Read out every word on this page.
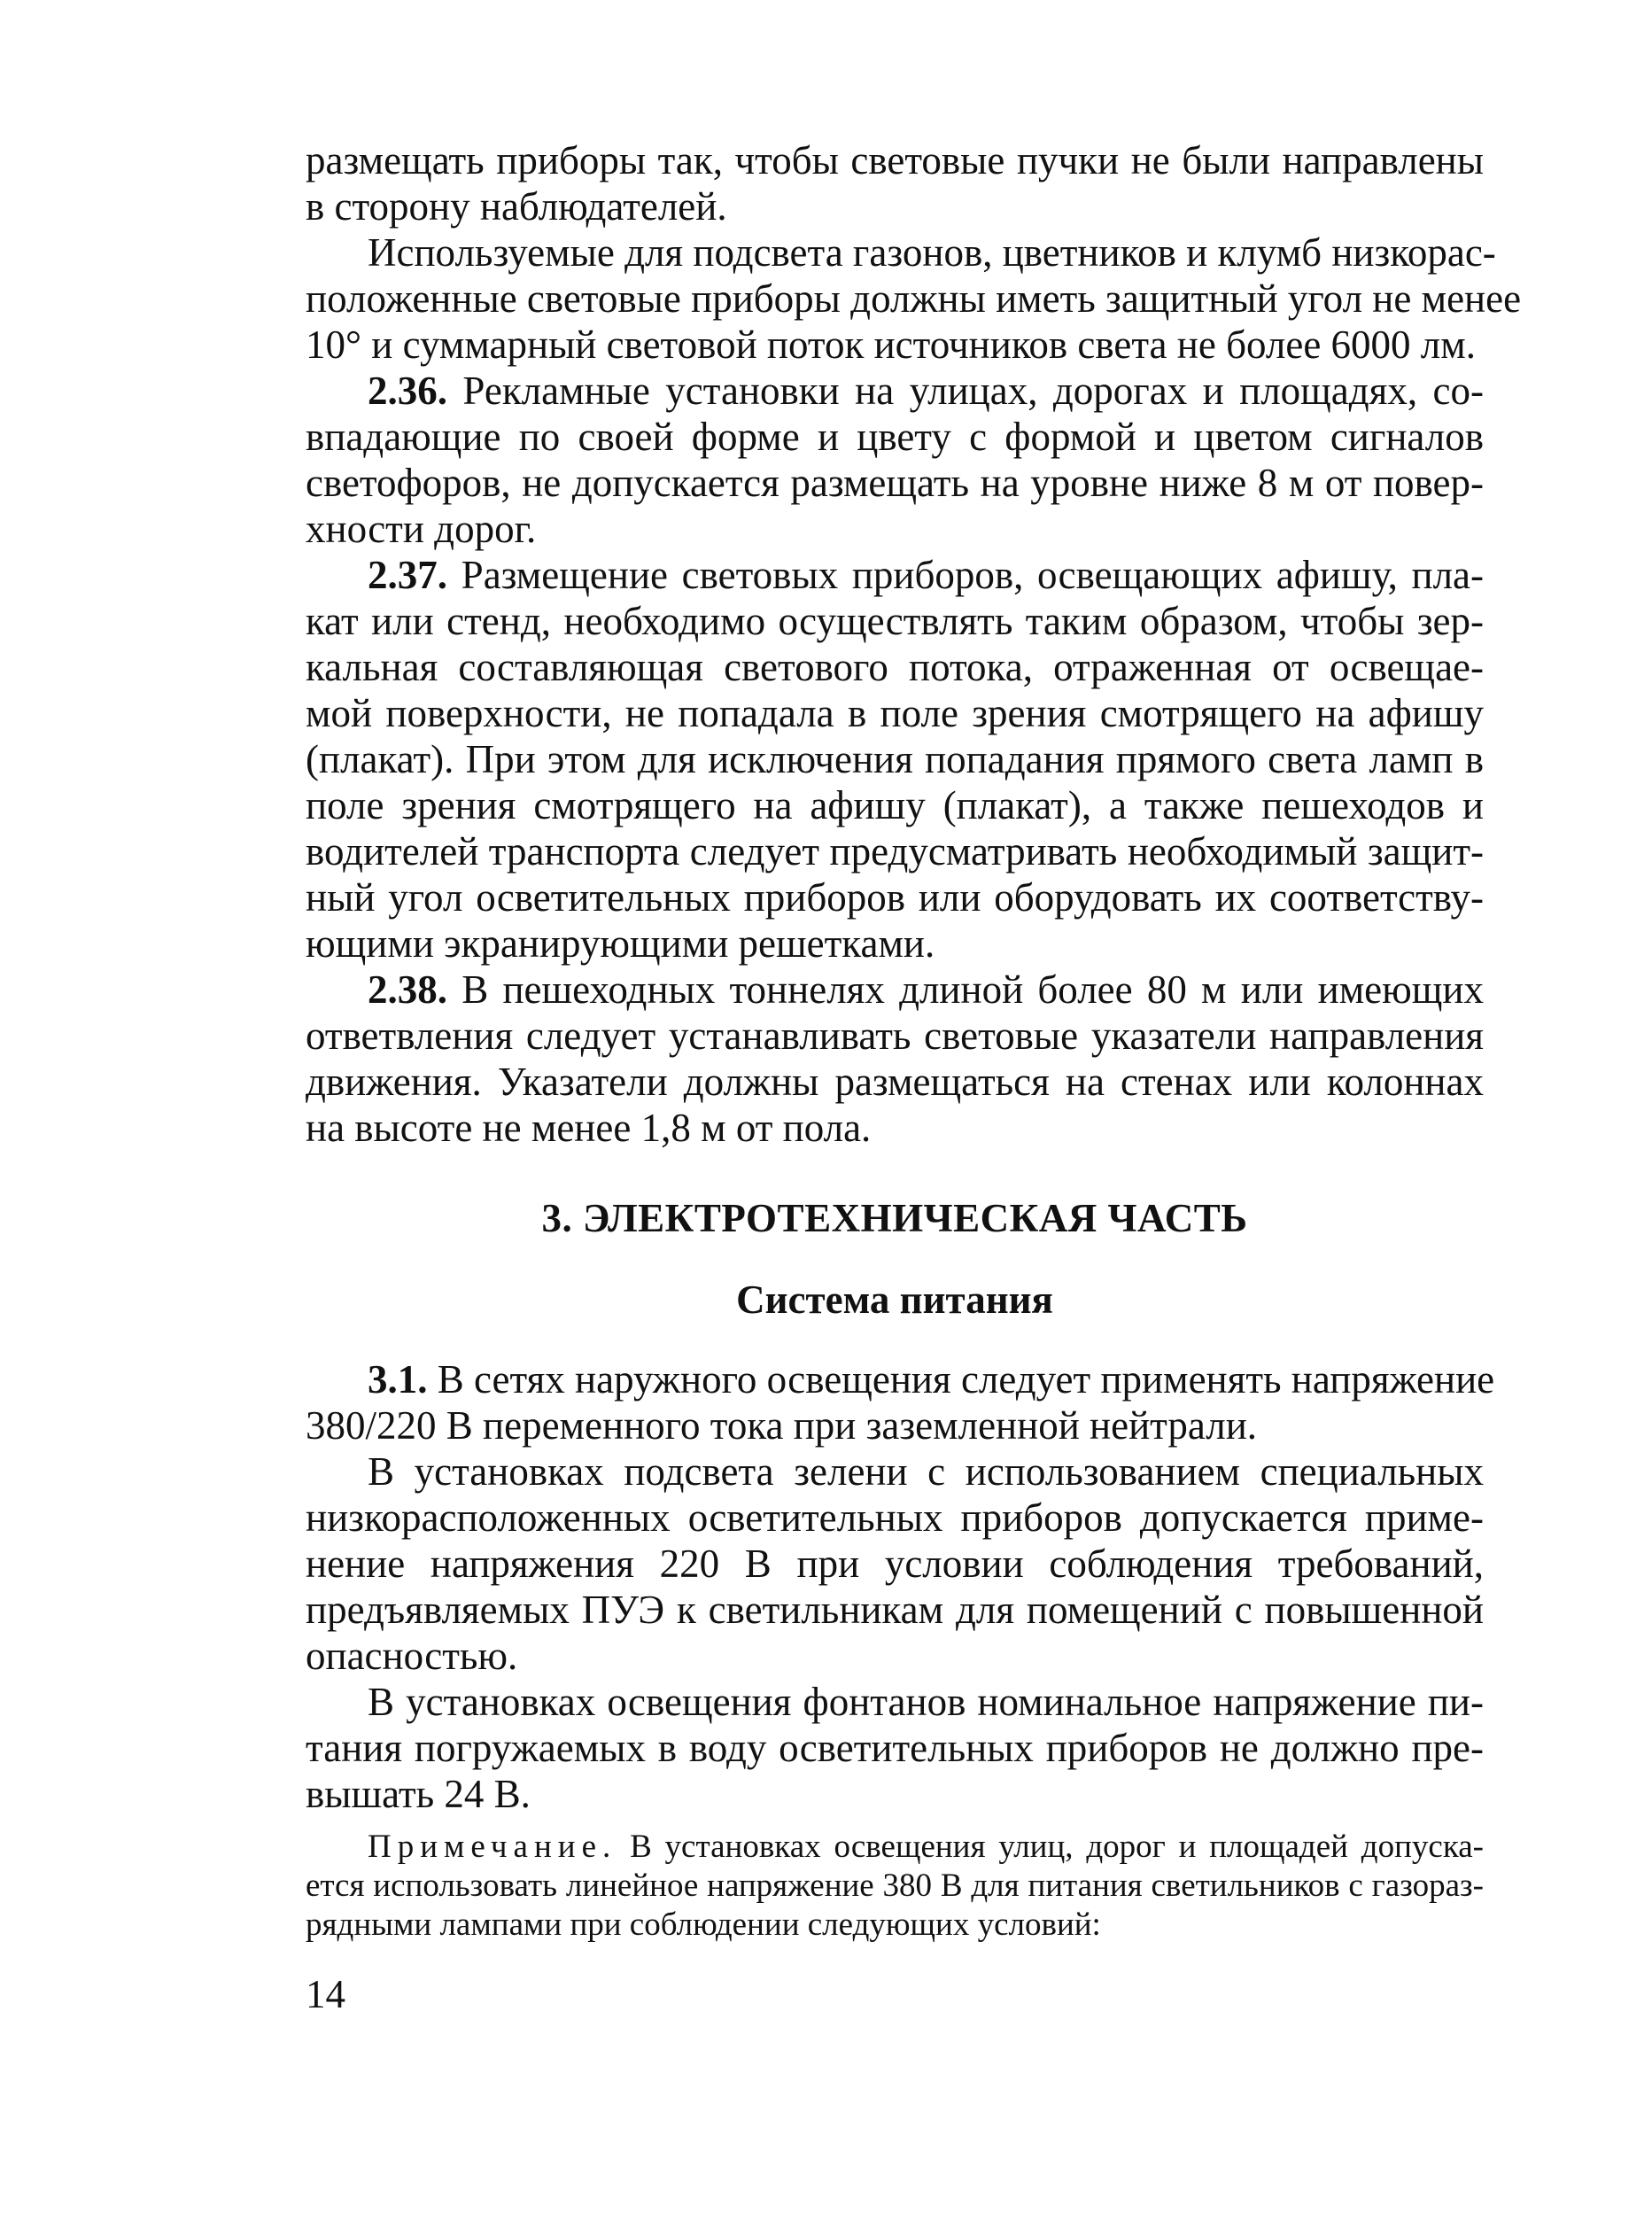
размещать приборы так, чтобы световые пучки не были направлены
в сторону наблюдателей.

Используемые для подсвета газонов, цветников и клумб низкорас-
положенные световые приборы должны иметь защитный угол не менее
10° и суммарный световой поток источников света не более 6000 лм.

2.36. Рекламные установки на улицах, дорогах и площадях, со-
впадающие по своей форме и цвету с формой и цветом сигналов
светофоров, не допускается размещать на уровне ниже 8 м от повер-
хности дорог.

2.37. Размещение световых приборов, освещающих афишу, пла-
кат или стенд, необходимо осуществлять таким образом, чтобы зер-
кальная составляющая светового потока, отраженная от освещае-
мой поверхности, не попадала в поле зрения смотрящего на афишу
(плакат). При этом для исключения попадания прямого света ламп в
поле зрения смотрящего на афишу (плакат), а также пешеходов и
водителей транспорта следует предусматривать необходимый защит-
ный угол осветительных приборов или оборудовать их соответству-
ющими экранирующими решетками.

2.38. В пешеходных тоннелях длиной более 80 м или имеющих
ответвления следует устанавливать световые указатели направления
движения. Указатели должны размещаться на стенах или колоннах
на высоте не менее 1,8 м от пола.

3. ЭЛЕКТРОТЕХНИЧЕСКАЯ ЧАСТЬ
Система питания

3.1. В сетях наружного освещения следует применять напряжение
380/220 В переменного тока при заземленной нейтрали.

В установках подсвета зелени с использованием специальных
низкорасположенных осветительных приборов допускается приме-
нение напряжения 220 В при условии соблюдения требований,
предъявляемых ПУЭ к светильникам для помещений с повышенной
опасностью.

В установках освещения фонтанов номинальное напряжение пи-
тания погружаемых в воду осветительных приборов не должно пре-
вышать 24 В.

Примечание. В установках освещения улиц, дорог и площадей допуска-
ется использовать линейное напряжение 380 В для питания светильников с газораз-
рядными лампами при соблюдении следующих условий:

14
